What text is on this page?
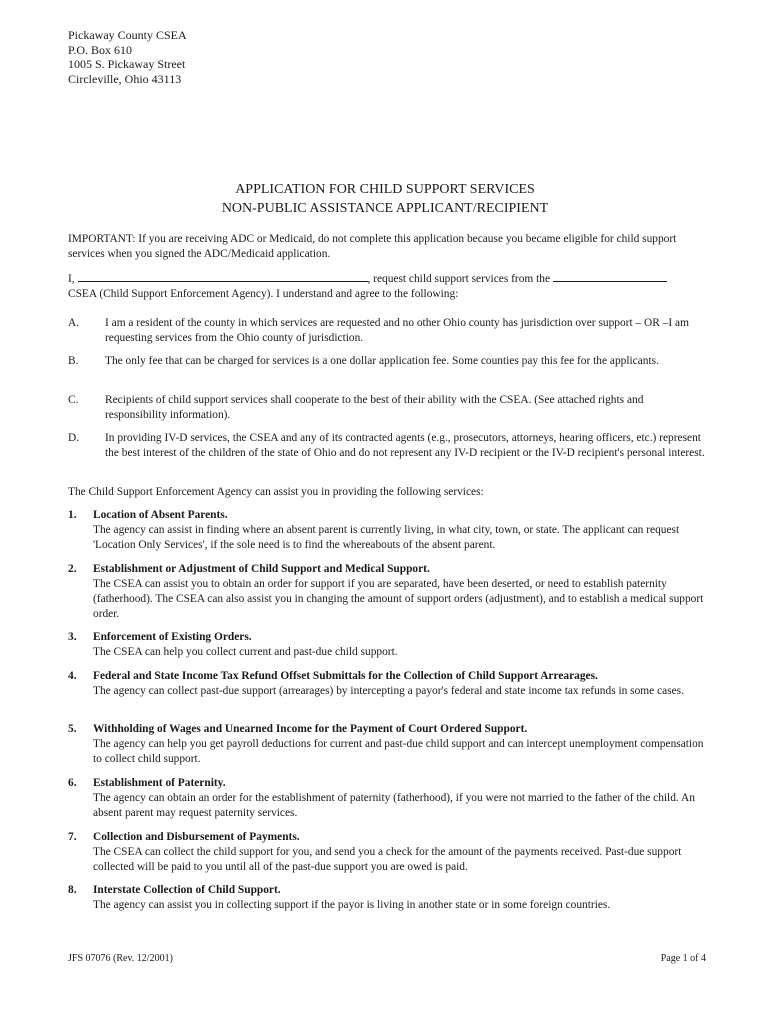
Pickaway County CSEA
P.O. Box 610
1005 S. Pickaway Street
Circleville, Ohio 43113
APPLICATION FOR CHILD SUPPORT SERVICES
NON-PUBLIC ASSISTANCE APPLICANT/RECIPIENT
IMPORTANT: If you are receiving ADC or Medicaid, do not complete this application because you became eligible for child support services when you signed the ADC/Medicaid application.
I,	, request child support services from the
CSEA (Child Support Enforcement Agency). I understand and agree to the following:
A. I am a resident of the county in which services are requested and no other Ohio county has jurisdiction over support – OR –I am requesting services from the Ohio county of jurisdiction.
B. The only fee that can be charged for services is a one dollar application fee. Some counties pay this fee for the applicants.
C. Recipients of child support services shall cooperate to the best of their ability with the CSEA. (See attached rights and responsibility information).
D. In providing IV-D services, the CSEA and any of its contracted agents (e.g., prosecutors, attorneys, hearing officers, etc.) represent the best interest of the children of the state of Ohio and do not represent any IV-D recipient or the IV-D recipient's personal interest.
The Child Support Enforcement Agency can assist you in providing the following services:
1. Location of Absent Parents.
The agency can assist in finding where an absent parent is currently living, in what city, town, or state. The applicant can request 'Location Only Services', if the sole need is to find the whereabouts of the absent parent.
2. Establishment or Adjustment of Child Support and Medical Support.
The CSEA can assist you to obtain an order for support if you are separated, have been deserted, or need to establish paternity (fatherhood). The CSEA can also assist you in changing the amount of support orders (adjustment), and to establish a medical support order.
3. Enforcement of Existing Orders.
The CSEA can help you collect current and past-due child support.
4. Federal and State Income Tax Refund Offset Submittals for the Collection of Child Support Arrearages.
The agency can collect past-due support (arrearages) by intercepting a payor's federal and state income tax refunds in some cases.
5. Withholding of Wages and Unearned Income for the Payment of Court Ordered Support.
The agency can help you get payroll deductions for current and past-due child support and can intercept unemployment compensation to collect child support.
6. Establishment of Paternity.
The agency can obtain an order for the establishment of paternity (fatherhood), if you were not married to the father of the child. An absent parent may request paternity services.
7. Collection and Disbursement of Payments.
The CSEA can collect the child support for you, and send you a check for the amount of the payments received. Past-due support collected will be paid to you until all of the past-due support you are owed is paid.
8. Interstate Collection of Child Support.
The agency can assist you in collecting support if the payor is living in another state or in some foreign countries.
JFS 07076 (Rev. 12/2001)	Page 1 of 4
